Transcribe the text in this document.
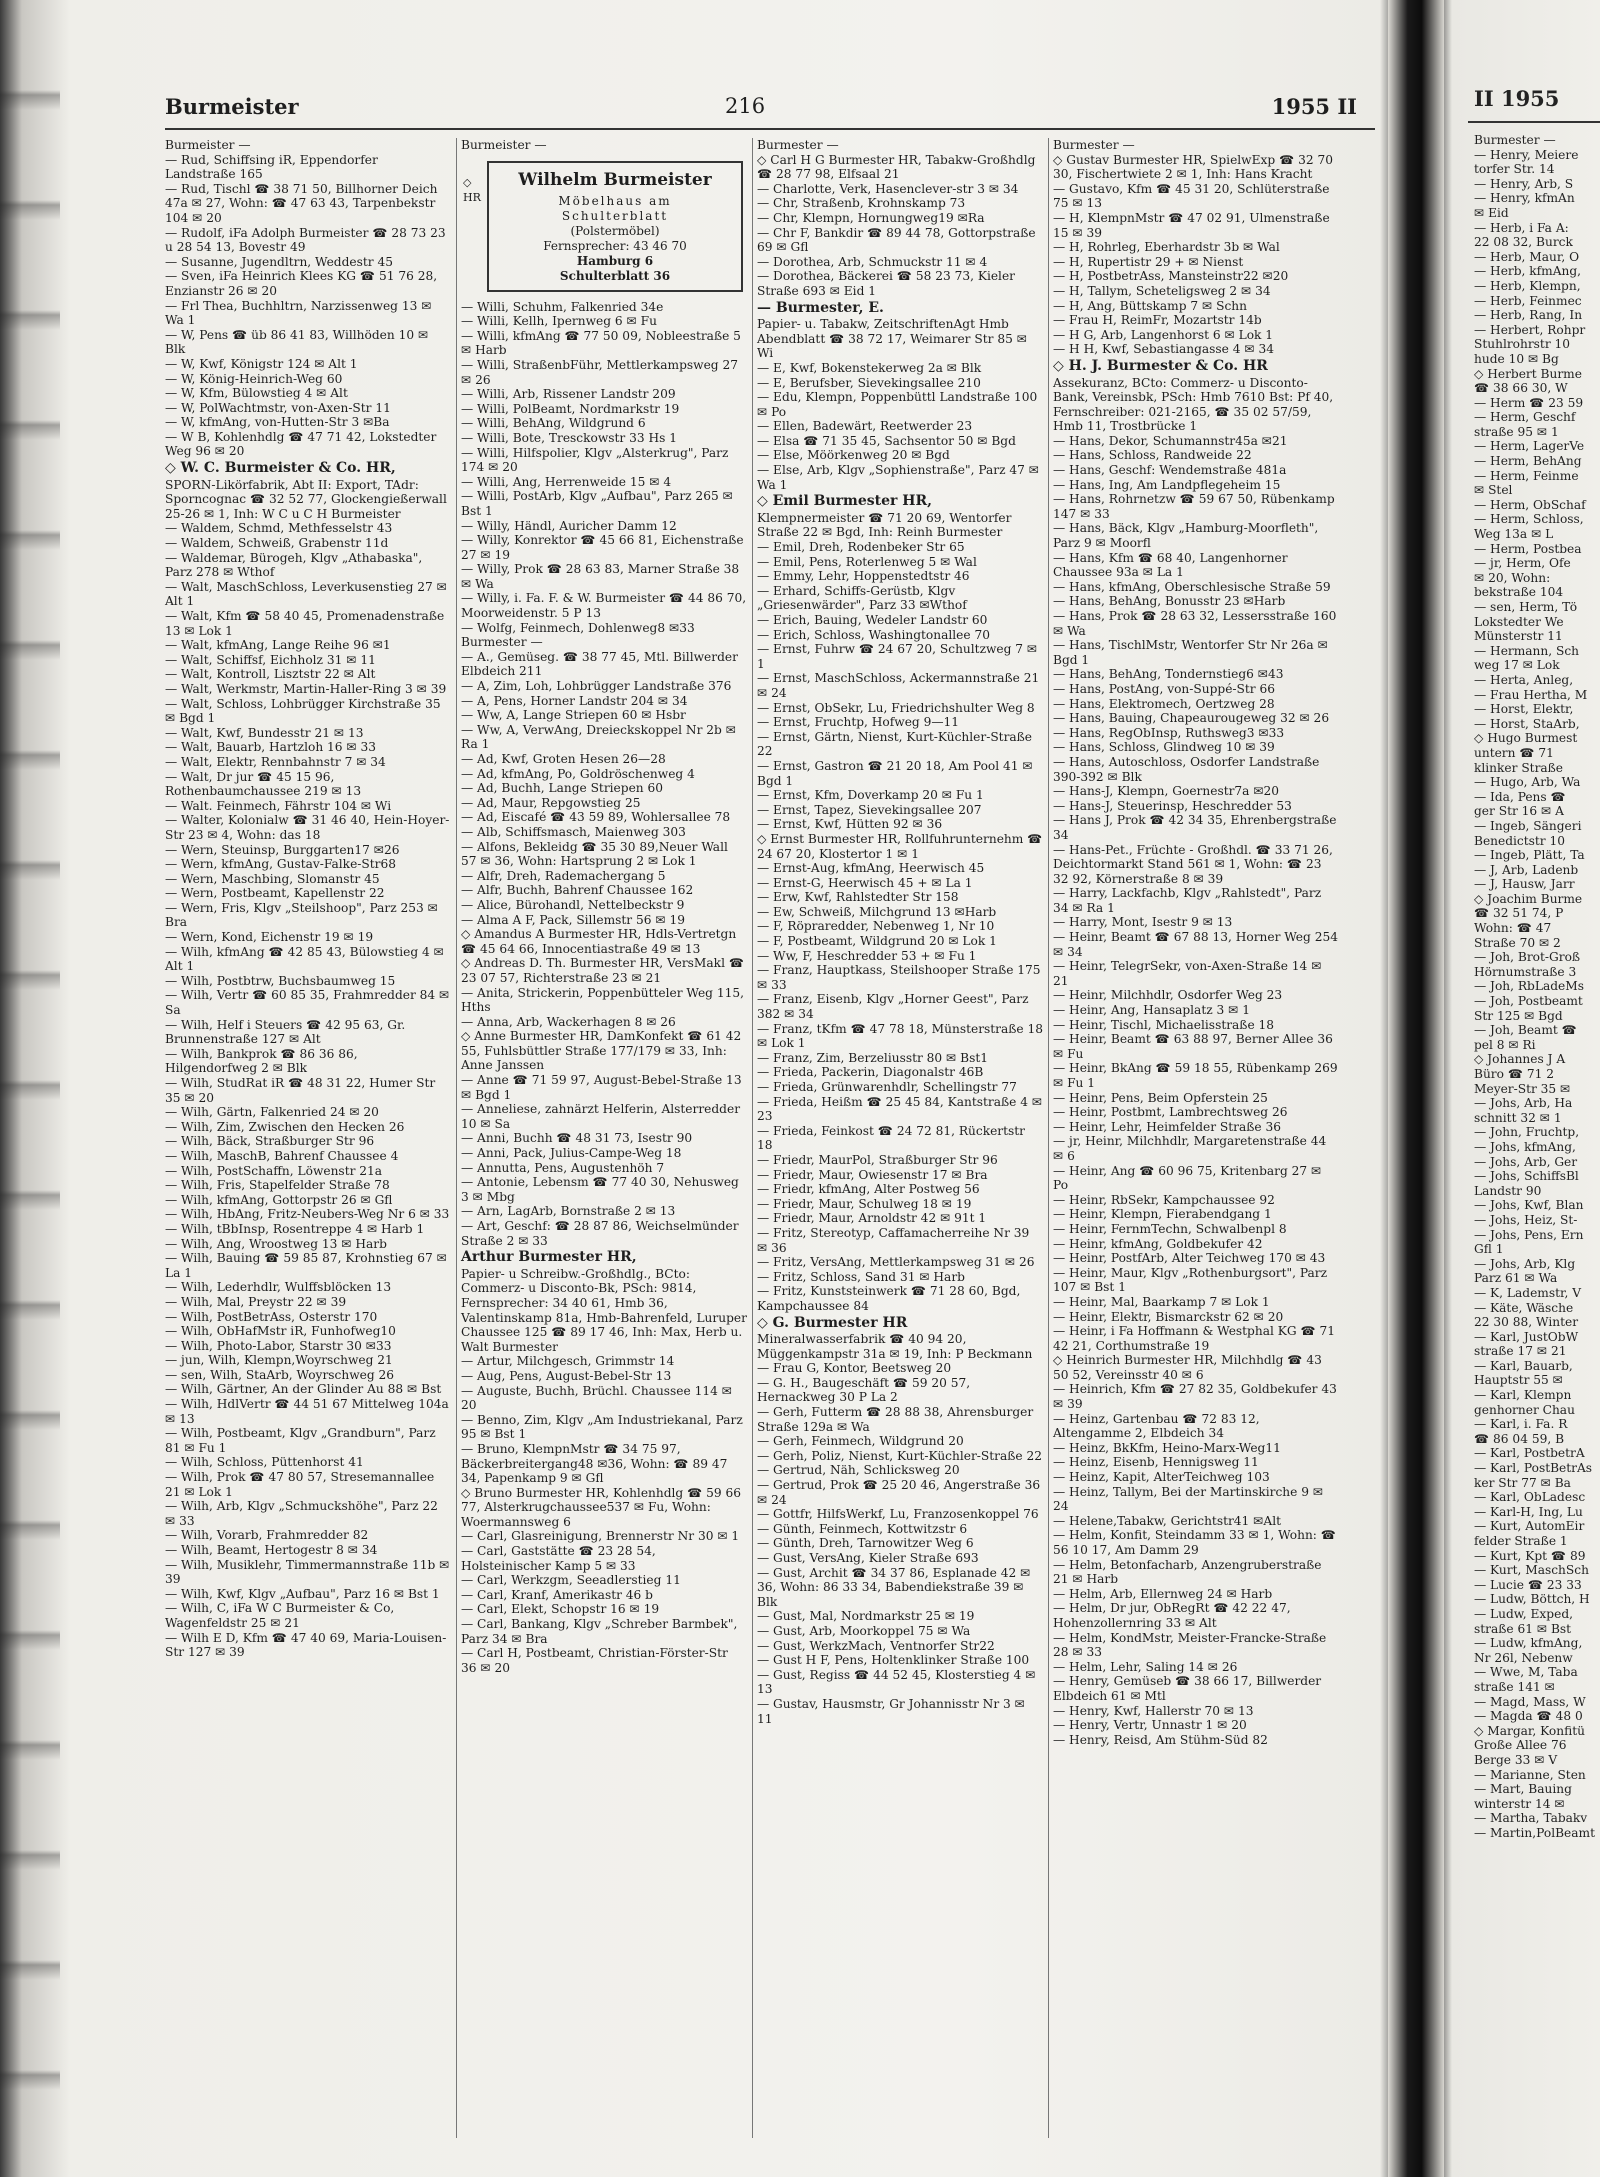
Burmeister	216	1955 II
Burmeister —
— Rud, Schiffsing iR, Eppendorfer Landstraße 165
— Rud, Tischl ☎ 38 71 50, Billhorner Deich 47a ✉ 27, Wohn: ☎ 47 63 43, Tarpenbekstr 104 ✉ 20
— Rudolf, iFa Adolph Burmeister ☎ 28 73 23 u 28 54 13, Bovestr 49
— Susanne, Jugendltrn, Weddestr 45
— Sven, iFa Heinrich Klees KG ☎ 51 76 28, Enzianstr 26 ✉ 20
— Frl Thea, Buchhltrn, Narzissenweg 13 ✉ Wa 1
— W, Pens ☎ üb 86 41 83, Willhöden 10 ✉ Blk
— W, Kwf, Königstr 124 ✉ Alt 1
— W, König-Heinrich-Weg 60
— W, Kfm, Bülowstieg 4 ✉ Alt
— W, PolWachtmstr, von-Axen-Str 11
— W, kfmAng, von-Hutten-Str 3 ✉Ba
— W B, Kohlenhdlg ☎ 47 71 42, Lokstedter Weg 96 ✉ 20
◇ W. C. Burmeister & Co. HR,
SPORN-Likörfabrik, Abt II: Export, TAdr: Sporncognac ☎ 32 52 77, Glockengießerwall 25-26 ✉ 1, Inh: W C u C H Burmeister
— Waldem, Schmd, Methfesselstr 43
— Waldem, Schweiß, Grabenstr 11d
— Waldemar, Bürogeh, Klgv „Athabaska", Parz 278 ✉ Wthof
— Walt, MaschSchloss, Leverkusenstieg 27 ✉ Alt 1
— Walt, Kfm ☎ 58 40 45, Promenadenstraße 13 ✉ Lok 1
— Walt, kfmAng, Lange Reihe 96 ✉1
— Walt, Schiffsf, Eichholz 31 ✉ 11
— Walt, Kontroll, Lisztstr 22 ✉ Alt
— Walt, Werkmstr, Martin-Haller-Ring 3 ✉ 39
— Walt, Schloss, Lohbrügger Kirchstraße 35 ✉ Bgd 1
— Walt, Kwf, Bundesstr 21 ✉ 13
— Walt, Bauarb, Hartzloh 16 ✉ 33
— Walt, Elektr, Rennbahnstr 7 ✉ 34
— Walt, Dr jur ☎ 45 15 96, Rothenbaumchaussee 219 ✉ 13
— Walt. Feinmech, Fährstr 104 ✉ Wi
— Walter, Kolonialw ☎ 31 46 40, Hein-Hoyer-Str 23 ✉ 4, Wohn: das 18
— Wern, Steuinsp, Burggarten17 ✉26
— Wern, kfmAng, Gustav-Falke-Str68
— Wern, Maschbing, Slomanstr 45
— Wern, Postbeamt, Kapellenstr 22
— Wern, Fris, Klgv „Steilshoop", Parz 253 ✉ Bra
— Wern, Kond, Eichenstr 19 ✉ 19
— Wilh, kfmAng ☎ 42 85 43, Bülowstieg 4 ✉ Alt 1
— Wilh, Postbtrw, Buchsbaumweg 15
— Wilh, Vertr ☎ 60 85 35, Frahmredder 84 ✉ Sa
— Wilh, Helf i Steuers ☎ 42 95 63, Gr. Brunnenstraße 127 ✉ Alt
— Wilh, Bankprok ☎ 86 36 86, Hilgendorfweg 2 ✉ Blk
— Wilh, StudRat iR ☎ 48 31 22, Humer Str 35 ✉ 20
— Wilh, Gärtn, Falkenried 24 ✉ 20
— Wilh, Zim, Zwischen den Hecken 26
— Wilh, Bäck, Straßburger Str 96
— Wilh, MaschB, Bahrenf Chaussee 4
— Wilh, PostSchaffn, Löwenstr 21a
— Wilh, Fris, Stapelfelder Straße 78
— Wilh, kfmAng, Gottorpstr 26 ✉ Gfl
— Wilh, HbAng, Fritz-Neubers-Weg Nr 6 ✉ 33
— Wilh, tBbInsp, Rosentreppe 4 ✉ Harb 1
— Wilh, Ang, Wroostweg 13 ✉ Harb
— Wilh, Bauing ☎ 59 85 87, Krohnstieg 67 ✉ La 1
— Wilh, Lederhdlr, Wulffsblöcken 13
— Wilh, Mal, Preystr 22 ✉ 39
— Wilh, PostBetrAss, Osterstr 170
— Wilh, ObHafMstr iR, Funhofweg10
— Wilh, Photo-Labor, Starstr 30 ✉33
— jun, Wilh, Klempn,Woyrschweg 21
— sen, Wilh, StaArb, Woyrschweg 26
— Wilh, Gärtner, An der Glinder Au 88 ✉ Bst
— Wilh, HdlVertr ☎ 44 51 67 Mittelweg 104a ✉ 13
— Wilh, Postbeamt, Klgv „Grandburn", Parz 81 ✉ Fu 1
— Wilh, Schloss, Püttenhorst 41
— Wilh, Prok ☎ 47 80 57, Stresemannallee 21 ✉ Lok 1
— Wilh, Arb, Klgv „Schmuckshöhe", Parz 22 ✉ 33
— Wilh, Vorarb, Frahmredder 82
— Wilh, Beamt, Hertogestr 8 ✉ 34
— Wilh, Musiklehr, Timmermannstraße 11b ✉ 39
— Wilh, Kwf, Klgv „Aufbau", Parz 16 ✉ Bst 1
— Wilh, C, iFa W C Burmeister & Co, Wagenfeldstr 25 ✉ 21
— Wilh E D, Kfm ☎ 47 40 69, Maria-Louisen-Str 127 ✉ 39
Burmeister —
◇
HR
Wilhelm Burmeister
Möbelhaus am
Schulterblatt
(Polstermöbel)
Fernsprecher: 43 46 70
Hamburg 6
Schulterblatt 36
— Willi, Schuhm, Falkenried 34e
— Willi, Kellh, Ipernweg 6 ✉ Fu
— Willi, kfmAng ☎ 77 50 09, Nobleestraße 5 ✉ Harb
— Willi, StraßenbFühr, Mettlerkampsweg 27 ✉ 26
— Willi, Arb, Rissener Landstr 209
— Willi, PolBeamt, Nordmarkstr 19
— Willi, BehAng, Wildgrund 6
— Willi, Bote, Tresckowstr 33 Hs 1
— Willi, Hilfspolier, Klgv „Alsterkrug", Parz 174 ✉ 20
— Willi, Ang, Herrenweide 15 ✉ 4
— Willi, PostArb, Klgv „Aufbau", Parz 265 ✉ Bst 1
— Willy, Händl, Auricher Damm 12
— Willy, Konrektor ☎ 45 66 81, Eichenstraße 27 ✉ 19
— Willy, Prok ☎ 28 63 83, Marner Straße 38 ✉ Wa
— Willy, i. Fa. F. & W. Burmeister ☎ 44 86 70, Moorweidenstr. 5 P 13
— Wolfg, Feinmech, Dohlenweg8 ✉33
Burmester —
— A., Gemüseg. ☎ 38 77 45, Mtl. Billwerder Elbdeich 211
— A, Zim, Loh, Lohbrügger Landstraße 376
— A, Pens, Horner Landstr 204 ✉ 34
— Ww, A, Lange Striepen 60 ✉ Hsbr
— Ww, A, VerwAng, Dreieckskoppel Nr 2b ✉ Ra 1
— Ad, Kwf, Groten Hesen 26—28
— Ad, kfmAng, Po, Goldröschenweg 4
— Ad, Buchh, Lange Striepen 60
— Ad, Maur, Repgowstieg 25
— Ad, Eiscafé ☎ 43 59 89, Wohlersallee 78
— Alb, Schiffsmasch, Maienweg 303
— Alfons, Bekleidg ☎ 35 30 89,Neuer Wall 57 ✉ 36, Wohn: Hartsprung 2 ✉ Lok 1
— Alfr, Dreh, Rademachergang 5
— Alfr, Buchh, Bahrenf Chaussee 162
— Alice, Bürohandl, Nettelbeckstr 9
— Alma A F, Pack, Sillemstr 56 ✉ 19
◇ Amandus A Burmester HR, Hdls-Vertretgn ☎ 45 64 66, Innocentiastraße 49 ✉ 13
◇ Andreas D. Th. Burmester HR, VersMakl ☎ 23 07 57, Richterstraße 23 ✉ 21
— Anita, Strickerin, Poppenbütteler Weg 115, Hths
— Anna, Arb, Wackerhagen 8 ✉ 26
◇ Anne Burmester HR, DamKonfekt ☎ 61 42 55, Fuhlsbüttler Straße 177/179 ✉ 33, Inh: Anne Janssen
— Anne ☎ 71 59 97, August-Bebel-Straße 13 ✉ Bgd 1
— Anneliese, zahnärzt Helferin, Alsterredder 10 ✉ Sa
— Anni, Buchh ☎ 48 31 73, Isestr 90
— Anni, Pack, Julius-Campe-Weg 18
— Annutta, Pens, Augustenhöh 7
— Antonie, Lebensm ☎ 77 40 30, Nehusweg 3 ✉ Mbg
— Arn, LagArb, Bornstraße 2 ✉ 13
— Art, Geschf: ☎ 28 87 86, Weichselmünder Straße 2 ✉ 33
Arthur Burmester HR,
Papier- u Schreibw.-Großhdlg., BCto: Commerz- u Disconto-Bk, PSch: 9814, Fernsprecher: 34 40 61, Hmb 36, Valentinskamp 81a, Hmb-Bahrenfeld, Luruper Chaussee 125 ☎ 89 17 46, Inh: Max, Herb u. Walt Burmester
— Artur, Milchgesch, Grimmstr 14
— Aug, Pens, August-Bebel-Str 13
— Auguste, Buchh, Brüchl. Chaussee 114 ✉ 20
— Benno, Zim, Klgv „Am Industriekanal, Parz 95 ✉ Bst 1
— Bruno, KlempnMstr ☎ 34 75 97, Bäckerbreitergang48 ✉36, Wohn: ☎ 89 47 34, Papenkamp 9 ✉ Gfl
◇ Bruno Burmester HR, Kohlenhdlg ☎ 59 66 77, Alsterkrugchaussee537 ✉ Fu, Wohn: Woermannsweg 6
— Carl, Glasreinigung, Brennerstr Nr 30 ✉ 1
— Carl, Gaststätte ☎ 23 28 54, Holsteinischer Kamp 5 ✉ 33
— Carl, Werkzgm, Seeadlerstieg 11
— Carl, Kranf, Amerikastr 46 b
— Carl, Elekt, Schopstr 16 ✉ 19
— Carl, Bankang, Klgv „Schreber Barmbek", Parz 34 ✉ Bra
— Carl H, Postbeamt, Christian-Förster-Str 36 ✉ 20
Burmester —
◇ Carl H G Burmester HR, Tabakw-Großhdlg ☎ 28 77 98, Elfsaal 21
— Charlotte, Verk, Hasenclever-str 3 ✉ 34
— Chr, Straßenb, Krohnskamp 73
— Chr, Klempn, Hornungweg19 ✉Ra
— Chr F, Bankdir ☎ 89 44 78, Gottorpstraße 69 ✉ Gfl
— Dorothea, Arb, Schmuckstr 11 ✉ 4
— Dorothea, Bäckerei ☎ 58 23 73, Kieler Straße 693 ✉ Eid 1
— Burmester, E.
Papier- u. Tabakw, ZeitschriftenAgt Hmb Abendblatt ☎ 38 72 17, Weimarer Str 85 ✉ Wi
— E, Kwf, Bokenstekerweg 2a ✉ Blk
— E, Berufsber, Sievekingsallee 210
— Edu, Klempn, Poppenbüttl Landstraße 100 ✉ Po
— Ellen, Badewärt, Reetwerder 23
— Elsa ☎ 71 35 45, Sachsentor 50 ✉ Bgd
— Else, Möörkenweg 20 ✉ Bgd
— Else, Arb, Klgv „Sophienstraße", Parz 47 ✉ Wa 1
◇ Emil Burmester HR,
Klempnermeister ☎ 71 20 69, Wentorfer Straße 22 ✉ Bgd, Inh: Reinh Burmester
— Emil, Dreh, Rodenbeker Str 65
— Emil, Pens, Roterlenweg 5 ✉ Wal
— Emmy, Lehr, Hoppenstedtstr 46
— Erhard, Schiffs-Gerüstb, Klgv „Griesenwärder", Parz 33 ✉Wthof
— Erich, Bauing, Wedeler Landstr 60
— Erich, Schloss, Washingtonallee 70
— Ernst, Fuhrw ☎ 24 67 20, Schultzweg 7 ✉ 1
— Ernst, MaschSchloss, Ackermannstraße 21 ✉ 24
— Ernst, ObSekr, Lu, Friedrichshulter Weg 8
— Ernst, Fruchtp, Hofweg 9—11
— Ernst, Gärtn, Nienst, Kurt-Küchler-Straße 22
— Ernst, Gastron ☎ 21 20 18, Am Pool 41 ✉ Bgd 1
— Ernst, Kfm, Doverkamp 20 ✉ Fu 1
— Ernst, Tapez, Sievekingsallee 207
— Ernst, Kwf, Hütten 92 ✉ 36
◇ Ernst Burmester HR, Rollfuhrunternehm ☎ 24 67 20, Klostertor 1 ✉ 1
— Ernst-Aug, kfmAng, Heerwisch 45
— Ernst-G, Heerwisch 45 + ✉ La 1
— Erw, Kwf, Rahlstedter Str 158
— Ew, Schweiß, Milchgrund 13 ✉Harb
— F, Röpraredder, Nebenweg 1, Nr 10
— F, Postbeamt, Wildgrund 20 ✉ Lok 1
— Ww, F, Heschredder 53 + ✉ Fu 1
— Franz, Hauptkass, Steilshooper Straße 175 ✉ 33
— Franz, Eisenb, Klgv „Horner Geest", Parz 382 ✉ 34
— Franz, tKfm ☎ 47 78 18, Münsterstraße 18 ✉ Lok 1
— Franz, Zim, Berzeliusstr 80 ✉ Bst1
— Frieda, Packerin, Diagonalstr 46B
— Frieda, Grünwarenhdlr, Schellingstr 77
— Frieda, Heißm ☎ 25 45 84, Kantstraße 4 ✉ 23
— Frieda, Feinkost ☎ 24 72 81, Rückertstr 18
— Friedr, MaurPol, Straßburger Str 96
— Friedr, Maur, Owiesenstr 17 ✉ Bra
— Friedr, kfmAng, Alter Postweg 56
— Friedr, Maur, Schulweg 18 ✉ 19
— Friedr, Maur, Arnoldstr 42 ✉ 91t 1
— Fritz, Stereotyp, Caffamacherreihe Nr 39 ✉ 36
— Fritz, VersAng, Mettlerkampsweg 31 ✉ 26
— Fritz, Schloss, Sand 31 ✉ Harb
— Fritz, Kunststeinwerk ☎ 71 28 60, Bgd, Kampchaussee 84
◇ G. Burmester HR
Mineralwasserfabrik ☎ 40 94 20, Müggenkampstr 31a ✉ 19, Inh: P Beckmann
— Frau G, Kontor, Beetsweg 20
— G. H., Baugeschäft ☎ 59 20 57, Hernackweg 30 P La 2
— Gerh, Futterm ☎ 28 88 38, Ahrensburger Straße 129a ✉ Wa
— Gerh, Feinmech, Wildgrund 20
— Gerh, Poliz, Nienst, Kurt-Küchler-Straße 22
— Gertrud, Näh, Schlicksweg 20
— Gertrud, Prok ☎ 25 20 46, Angerstraße 36 ✉ 24
— Gottfr, HilfsWerkf, Lu, Franzosenkoppel 76
— Günth, Feinmech, Kottwitzstr 6
— Günth, Dreh, Tarnowitzer Weg 6
— Gust, VersAng, Kieler Straße 693
— Gust, Archit ☎ 34 37 86, Esplanade 42 ✉ 36, Wohn: 86 33 34, Babendiekstraße 39 ✉ Blk
— Gust, Mal, Nordmarkstr 25 ✉ 19
— Gust, Arb, Moorkoppel 75 ✉ Wa
— Gust, WerkzMach, Ventnorfer Str22
— Gust H F, Pens, Holtenklinker Straße 100
— Gust, Regiss ☎ 44 52 45, Klosterstieg 4 ✉ 13
— Gustav, Hausmstr, Gr Johannisstr Nr 3 ✉ 11
Burmester —
◇ Gustav Burmester HR, SpielwExp ☎ 32 70 30, Fischertwiete 2 ✉ 1, Inh: Hans Kracht
— Gustavo, Kfm ☎ 45 31 20, Schlüterstraße 75 ✉ 13
— H, KlempnMstr ☎ 47 02 91, Ulmenstraße 15 ✉ 39
— H, Rohrleg, Eberhardstr 3b ✉ Wal
— H, Rupertistr 29 + ✉ Nienst
— H, PostbetrAss, Mansteinstr22 ✉20
— H, Tallym, Scheteligsweg 2 ✉ 34
— H, Ang, Büttskamp 7 ✉ Schn
— Frau H, ReimFr, Mozartstr 14b
— H G, Arb, Langenhorst 6 ✉ Lok 1
— H H, Kwf, Sebastiangasse 4 ✉ 34
◇ H. J. Burmester & Co. HR
Assekuranz, BCto: Commerz- u Disconto-Bank, Vereinsbk, PSch: Hmb 7610 Bst: Pf 40, Fernschreiber: 021-2165, ☎ 35 02 57/59, Hmb 11, Trostbrücke 1
— Hans, Dekor, Schumannstr45a ✉21
— Hans, Schloss, Randweide 22
— Hans, Geschf: Wendemstraße 481a
— Hans, Ing, Am Landpflegeheim 15
— Hans, Rohrnetzw ☎ 59 67 50, Rübenkamp 147 ✉ 33
— Hans, Bäck, Klgv „Hamburg-Moorfleth", Parz 9 ✉ Moorfl
— Hans, Kfm ☎ 68 40, Langenhorner Chaussee 93a ✉ La 1
— Hans, kfmAng, Oberschlesische Straße 59
— Hans, BehAng, Bonusstr 23 ✉Harb
— Hans, Prok ☎ 28 63 32, Lessersstraße 160 ✉ Wa
— Hans, TischlMstr, Wentorfer Str Nr 26a ✉ Bgd 1
— Hans, BehAng, Tondernstieg6 ✉43
— Hans, PostAng, von-Suppé-Str 66
— Hans, Elektromech, Oertzweg 28
— Hans, Bauing, Chapeaurougeweg 32 ✉ 26
— Hans, RegObInsp, Ruthsweg3 ✉33
— Hans, Schloss, Glindweg 10 ✉ 39
— Hans, Autoschloss, Osdorfer Landstraße 390-392 ✉ Blk
— Hans-J, Klempn, Goernestr7a ✉20
— Hans-J, Steuerinsp, Heschredder 53
— Hans J, Prok ☎ 42 34 35, Ehrenbergstraße 34
— Hans-Pet., Früchte - Großhdl. ☎ 33 71 26, Deichtormarkt Stand 561 ✉ 1, Wohn: ☎ 23 32 92, Körnerstraße 8 ✉ 39
— Harry, Lackfachb, Klgv „Rahlstedt", Parz 34 ✉ Ra 1
— Harry, Mont, Isestr 9 ✉ 13
— Heinr, Beamt ☎ 67 88 13, Horner Weg 254 ✉ 34
— Heinr, TelegrSekr, von-Axen-Straße 14 ✉ 21
— Heinr, Milchhdlr, Osdorfer Weg 23
— Heinr, Ang, Hansaplatz 3 ✉ 1
— Heinr, Tischl, Michaelisstraße 18
— Heinr, Beamt ☎ 63 88 97, Berner Allee 36 ✉ Fu
— Heinr, BkAng ☎ 59 18 55, Rübenkamp 269 ✉ Fu 1
— Heinr, Pens, Beim Opferstein 25
— Heinr, Postbmt, Lambrechtsweg 26
— Heinr, Lehr, Heimfelder Straße 36
— jr, Heinr, Milchhdlr, Margaretenstraße 44 ✉ 6
— Heinr, Ang ☎ 60 96 75, Kritenbarg 27 ✉ Po
— Heinr, RbSekr, Kampchaussee 92
— Heinr, Klempn, Fierabendgang 1
— Heinr, FernmTechn, Schwalbenpl 8
— Heinr, kfmAng, Goldbekufer 42
— Heinr, PostfArb, Alter Teichweg 170 ✉ 43
— Heinr, Maur, Klgv „Rothenburgsort", Parz 107 ✉ Bst 1
— Heinr, Mal, Baarkamp 7 ✉ Lok 1
— Heinr, Elektr, Bismarckstr 62 ✉ 20
— Heinr, i Fa Hoffmann & Westphal KG ☎ 71 42 21, Corthumstraße 19
◇ Heinrich Burmester HR, Milchhdlg ☎ 43 50 52, Vereinsstr 40 ✉ 6
— Heinrich, Kfm ☎ 27 82 35, Goldbekufer 43 ✉ 39
— Heinz, Gartenbau ☎ 72 83 12, Altengamme 2, Elbdeich 34
— Heinz, BkKfm, Heino-Marx-Weg11
— Heinz, Eisenb, Hennigsweg 11
— Heinz, Kapit, AlterTeichweg 103
— Heinz, Tallym, Bei der Martinskirche 9 ✉ 24
— Helene,Tabakw, Gerichtstr41 ✉Alt
— Helm, Konfit, Steindamm 33 ✉ 1, Wohn: ☎ 56 10 17, Am Damm 29
— Helm, Betonfacharb, Anzengruberstraße 21 ✉ Harb
— Helm, Arb, Ellernweg 24 ✉ Harb
— Helm, Dr jur, ObRegRt ☎ 42 22 47, Hohenzollernring 33 ✉ Alt
— Helm, KondMstr, Meister-Francke-Straße 28 ✉ 33
— Helm, Lehr, Saling 14 ✉ 26
— Henry, Gemüseb ☎ 38 66 17, Billwerder Elbdeich 61 ✉ Mtl
— Henry, Kwf, Hallerstr 70 ✉ 13
— Henry, Vertr, Unnastr 1 ✉ 20
— Henry, Reisd, Am Stühm-Süd 82
II 1955
Burmester —
— Henry, Meiere
torfer Str. 14
— Henry, Arb, S
— Henry, kfmAn
✉ Eid
— Herb, i Fa A:
22 08 32, Burck
— Herb, Maur, O
— Herb, kfmAng,
— Herb, Klempn,
— Herb, Feinmec
— Herb, Rang, In
— Herbert, Rohpr
Stuhlrohrstr 10
hude 10 ✉ Bg
◇ Herbert Burme
☎ 38 66 30, W
— Herm ☎ 23 59
— Herm, Geschf
straße 95 ✉ 1
— Herm, LagerVe
— Herm, BehAng
— Herm, Feinme
✉ Stel
— Herm, ObSchaf
— Herm, Schloss,
Weg 13a ✉ L
— Herm, Postbea
— jr, Herm, Ofe
✉ 20, Wohn:
bekstraße 104
— sen, Herm, Tö
Lokstedter We
Münsterstr 11
— Hermann, Sch
weg 17 ✉ Lok
— Herta, Anleg,
— Frau Hertha, M
— Horst, Elektr,
— Horst, StaArb,
◇ Hugo Burmest
untern ☎ 71
klinker Straße
— Hugo, Arb, Wa
— Ida, Pens ☎
ger Str 16 ✉ A
— Ingeb, Sängeri
Benedictstr 10
— Ingeb, Plätt, Ta
— J, Arb, Ladenb
— J, Hausw, Jarr
◇ Joachim Burme
☎ 32 51 74, P
Wohn: ☎ 47
Straße 70 ✉ 2
— Joh, Brot-Groß
Hörnumstraße 3
— Joh, RbLadeMs
— Joh, Postbeamt
Str 125 ✉ Bgd
— Joh, Beamt ☎
pel 8 ✉ Ri
◇ Johannes J A
Büro ☎ 71 2
Meyer-Str 35 ✉
— Johs, Arb, Ha
schnitt 32 ✉ 1
— John, Fruchtp,
— Johs, kfmAng,
— Johs, Arb, Ger
— Johs, SchiffsBl
Landstr 90
— Johs, Kwf, Blan
— Johs, Heiz, St-
— Johs, Pens, Ern
Gfl 1
— Johs, Arb, Klg
Parz 61 ✉ Wa
— K, Lademstr, V
— Käte, Wäsche
22 30 88, Winter
— Karl, JustObW
straße 17 ✉ 21
— Karl, Bauarb,
Hauptstr 55 ✉
— Karl, Klempn
genhorner Chau
— Karl, i. Fa. R
☎ 86 04 59, B
— Karl, PostbetrA
— Karl, PostBetrAs
ker Str 77 ✉ Ba
— Karl, ObLadesc
— Karl-H, Ing, Lu
— Kurt, AutomEir
felder Straße 1
— Kurt, Kpt ☎ 89
— Kurt, MaschSch
— Lucie ☎ 23 33
— Ludw, Böttch, H
— Ludw, Exped,
straße 61 ✉ Bst
— Ludw, kfmAng,
Nr 26l, Nebenw
— Wwe, M, Taba
straße 141 ✉
— Magd, Mass, W
— Magda ☎ 48 0
◇ Margar, Konfitü
Große Allee 76
Berge 33 ✉ V
— Marianne, Sten
— Mart, Bauing
winterstr 14 ✉
— Martha, Tabakv
— Martin,PolBeamt
